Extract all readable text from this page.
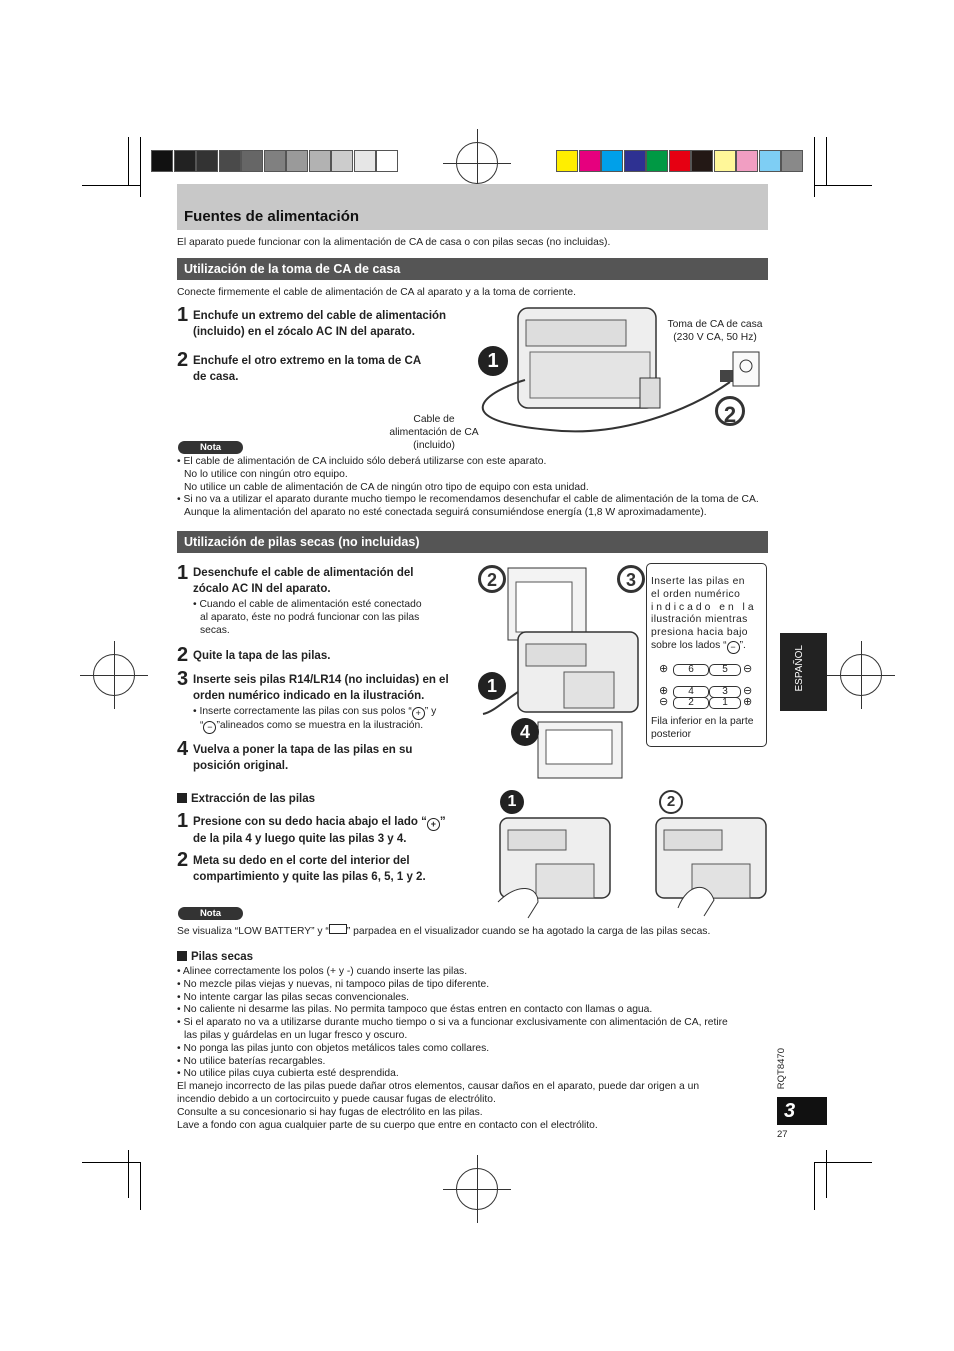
Fuentes de alimentación
El aparato puede funcionar con la alimentación de CA de casa o con pilas secas (no incluidas).
Utilización de la toma de CA de casa
Conecte firmemente el cable de alimentación de CA al aparato y a la toma de corriente.
1 Enchufe un extremo del cable de alimentación
(incluido) en el zócalo AC IN del aparato.
2 Enchufe el otro extremo en la toma de CA
de casa.
1
2
Toma de CA de casa
(230 V CA, 50 Hz)
Cable de
alimentación de CA
(incluido)
Nota
• El cable de alimentación de CA incluido sólo deberá utilizarse con este aparato.
No lo utilice con ningún otro equipo.
No utilice un cable de alimentación de CA de ningún otro tipo de equipo con esta unidad.
• Si no va a utilizar el aparato durante mucho tiempo le recomendamos desenchufar el cable de alimentación de la toma de CA.
Aunque la alimentación del aparato no esté conectada seguirá consumiéndose energía (1,8 W aproximadamente).
Utilización de pilas secas (no incluidas)
1 Desenchufe el cable de alimentación del
zócalo AC IN del aparato.
• Cuando el cable de alimentación esté conectado
al aparato, éste no podrá funcionar con las pilas
secas.
2 Quite la tapa de las pilas.
3 Inserte seis pilas R14/LR14 (no incluidas) en el
orden numérico indicado en la ilustración.
• Inserte correctamente las pilas con sus polos “ + ” y
“ − ”alineados como se muestra en la ilustración.
4 Vuelva a poner la tapa de las pilas en su
posición original.
2	3
1
4
Inserte las pilas en
el orden numérico
indicado en la
ilustración mientras
presiona hacia bajo
sobre los lados “ − ”.
⊕	6	5	⊖
⊕	4	3	⊖
⊖	2	1	⊕
Fila inferior en la parte
posterior
Extracción de las pilas
1 Presione con su dedo hacia abajo el lado “ + ”
de la pila 4 y luego quite las pilas 3 y 4.
2 Meta su dedo en el corte del interior del
compartimiento y quite las pilas 6, 5, 1 y 2.
1	2
Nota
Se visualiza “LOW BATTERY” y “ ” parpadea en el visualizador cuando se ha agotado la carga de las pilas secas.
Pilas secas
• Alinee correctamente los polos (+ y -) cuando inserte las pilas.
• No mezcle pilas viejas y nuevas, ni tampoco pilas de tipo diferente.
• No intente cargar las pilas secas convencionales.
• No caliente ni desarme las pilas. No permita tampoco que éstas entren en contacto con llamas o agua.
• Si el aparato no va a utilizarse durante mucho tiempo o si va a funcionar exclusivamente con alimentación de CA, retire
las pilas y guárdelas en un lugar fresco y oscuro.
• No ponga las pilas junto con objetos metálicos tales como collares.
• No utilice baterías recargables.
• No utilice pilas cuya cubierta esté desprendida.
El manejo incorrecto de las pilas puede dañar otros elementos, causar daños en el aparato, puede dar origen a un
incendio debido a un cortocircuito y puede causar fugas de electrólito.
Consulte a su concesionario si hay fugas de electrólito en las pilas.
Lave a fondo con agua cualquier parte de su cuerpo que entre en contacto con el electrólito.
ESPAÑOL
RQT8470
3
27
